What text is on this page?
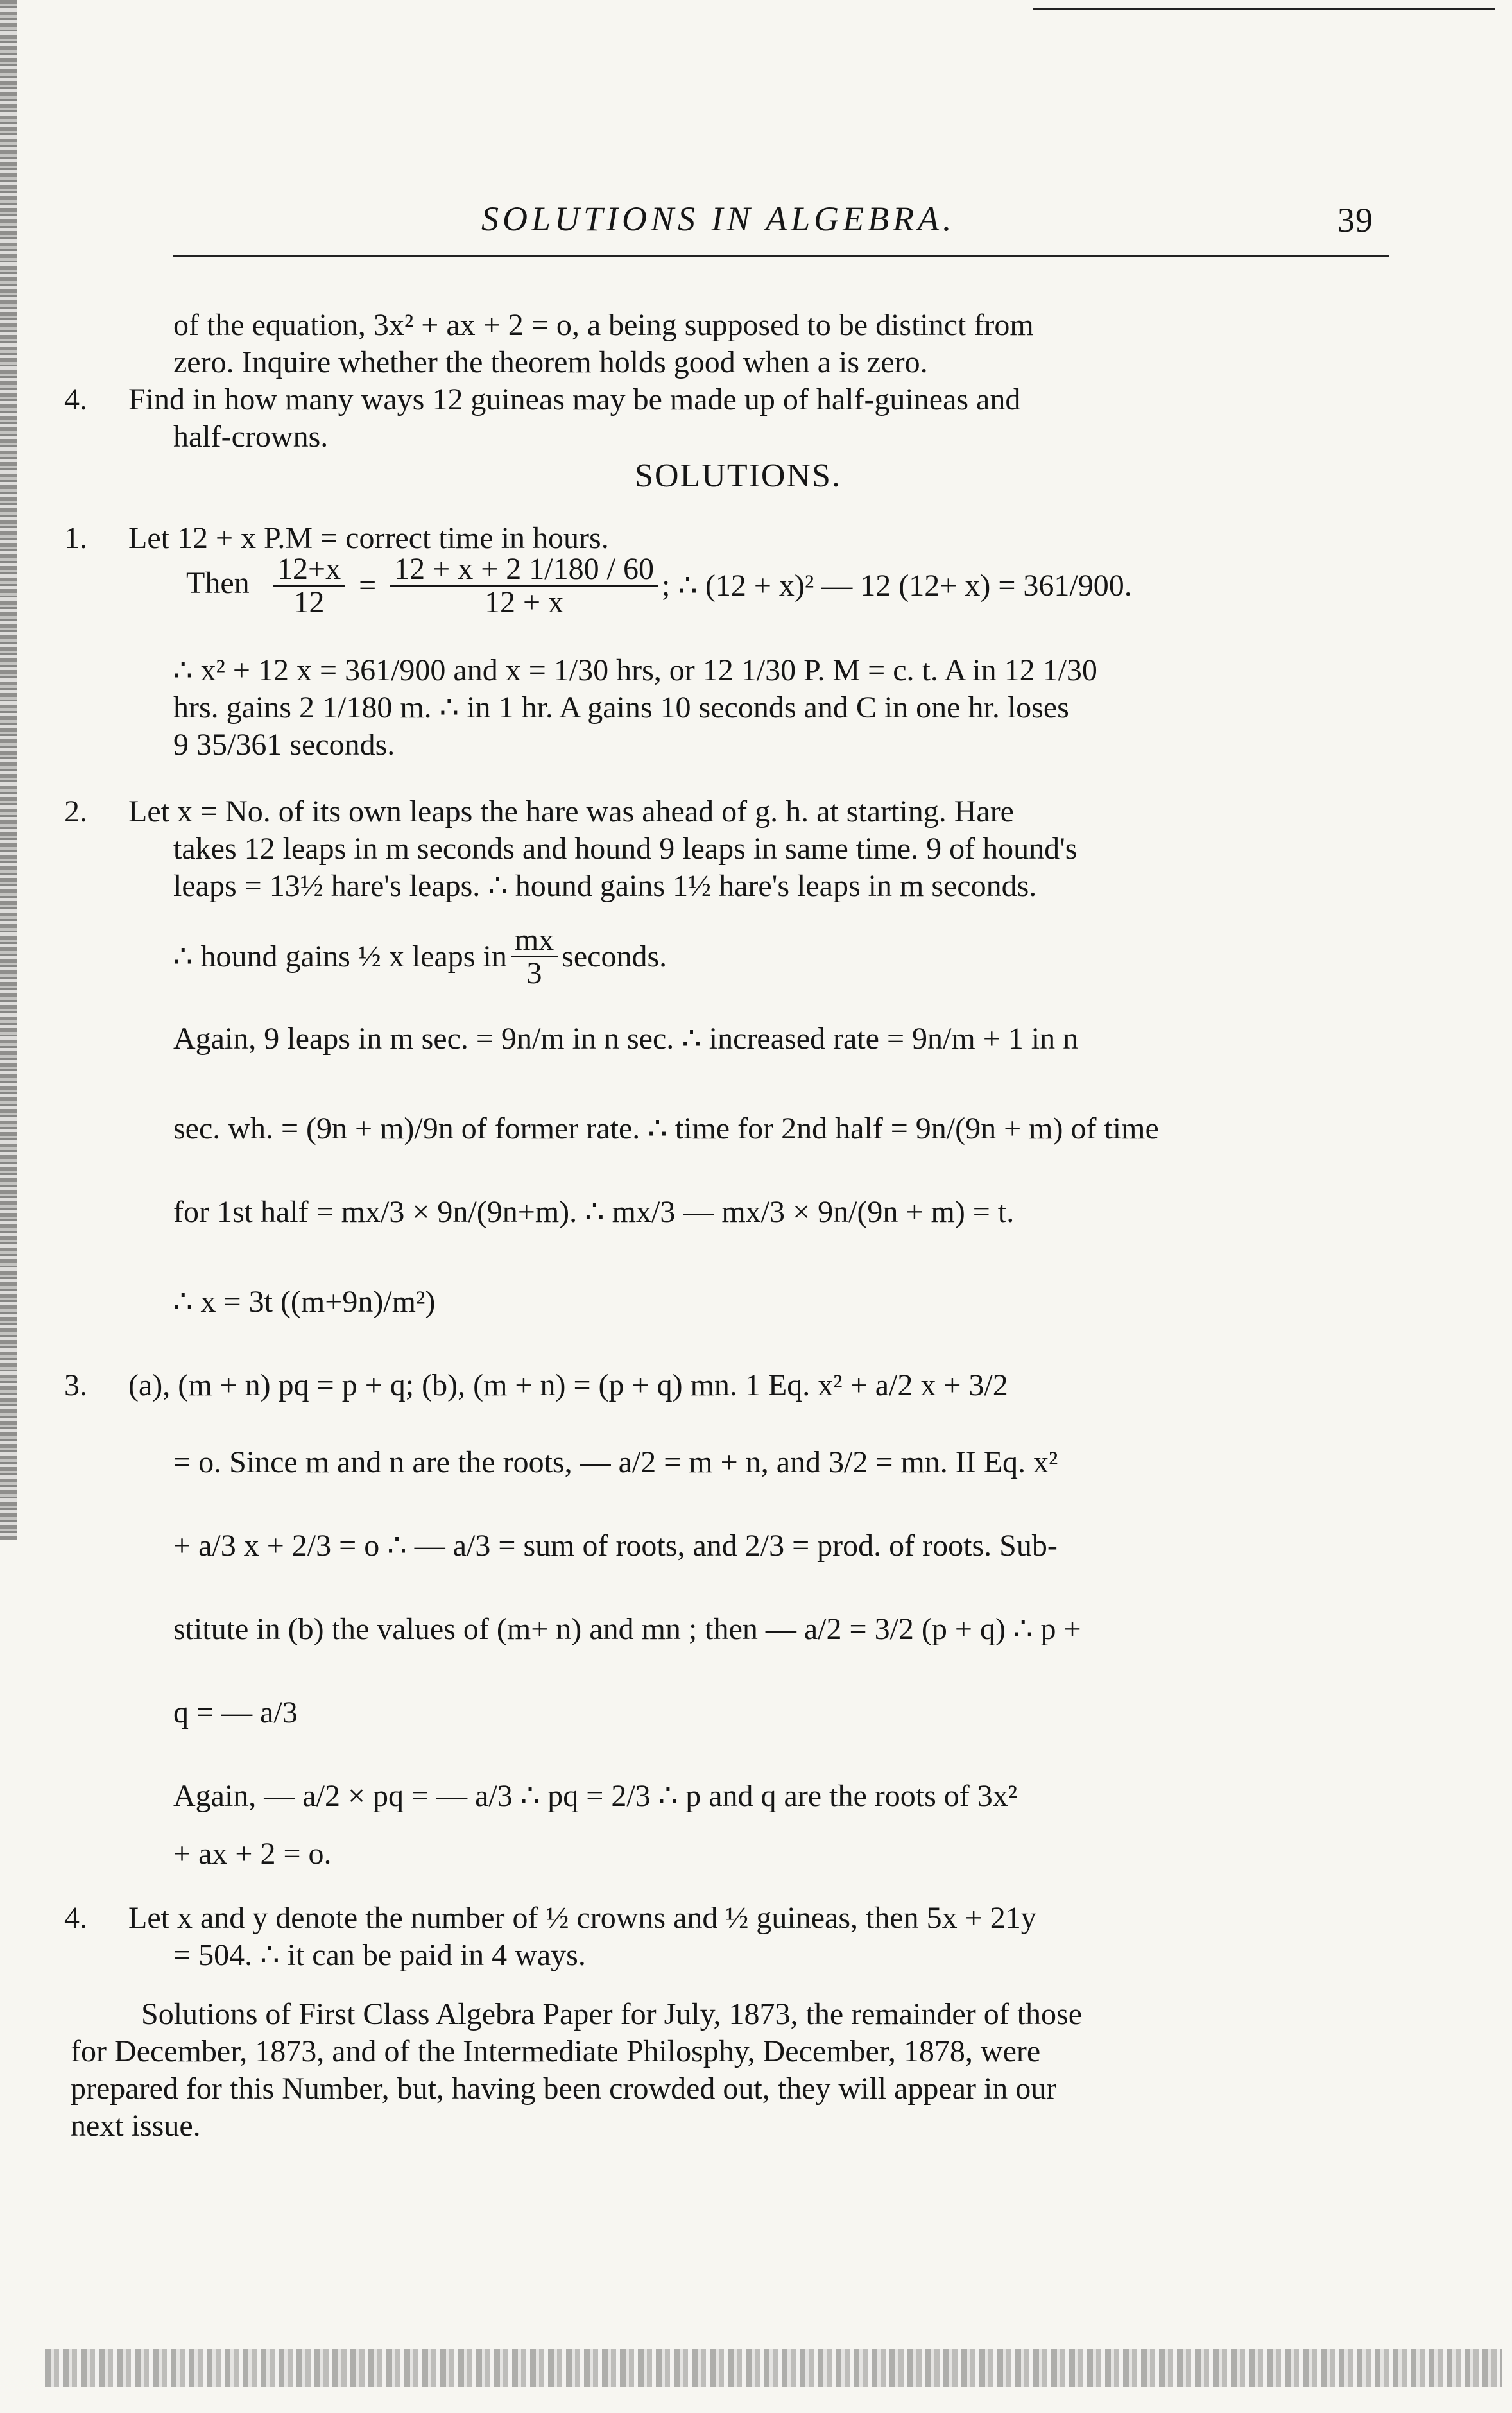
SOLUTIONS IN ALGEBRA.	39
of the equation, 3x² + ax + 2 = o, a being supposed to be distinct from
zero. Inquire whether the theorem holds good when a is zero.
4. Find in how many ways 12 guineas may be made up of half-guineas and
half-crowns.
SOLUTIONS.
1. Let 12 + x P.M = correct time in hours.
Then $\frac{12+x}{12} = \frac{12 + x + 2 1/180 / 60}{12 + x}$ ; ∴ (12 + x)² — 12 (12+ x) = 361/900.
∴ x² + 12 x = 361/900 and x = 1/30 hrs, or 12 1/30 P. M = c. t. A in 12 1/30
hrs. gains 2 1/180 m. ∴ in 1 hr. A gains 10 seconds and C in one hr. loses
9 35/361 seconds.
2. Let x = No. of its own leaps the hare was ahead of g. h. at starting. Hare
takes 12 leaps in m seconds and hound 9 leaps in same time. 9 of hound's
leaps = 13½ hare's leaps. ∴ hound gains 1½ hare's leaps in m seconds.
∴ hound gains ½ x leaps in $\frac{mx}{3}$ seconds.
Again, 9 leaps in m sec. = 9n/m in n sec. ∴ increased rate = 9n/m + 1 in n
sec. wh. = (9n + m)/9n of former rate. ∴ time for 2nd half = 9n/(9n + m) of time
for 1st half = mx/3 × 9n/(9n+m). ∴ mx/3 — mx/3 × 9n/(9n + m) = t.
∴ x = 3t ((m+9n)/m²)
3. (a), (m + n) pq = p + q; (b), (m + n) = (p + q) mn. 1 Eq. x² + a/2 x + 3/2
= o. Since m and n are the roots, — a/2 = m + n, and 3/2 = mn. II Eq. x²
+ a/3 x + 2/3 = o ∴ — a/3 = sum of roots, and 2/3 = prod. of roots. Sub-
stitute in (b) the values of (m+ n) and mn ; then — a/2 = 3/2 (p + q) ∴ p +
q = — a/3
Again, — a/2 × pq = — a/3 ∴ pq = 2/3 ∴ p and q are the roots of 3x²
+ ax + 2 = o.
4. Let x and y denote the number of ½ crowns and ½ guineas, then 5x + 21y
= 504. ∴ it can be paid in 4 ways.
Solutions of First Class Algebra Paper for July, 1873, the remainder of those
for December, 1873, and of the Intermediate Philosphy, December, 1878, were
prepared for this Number, but, having been crowded out, they will appear in our
next issue.
